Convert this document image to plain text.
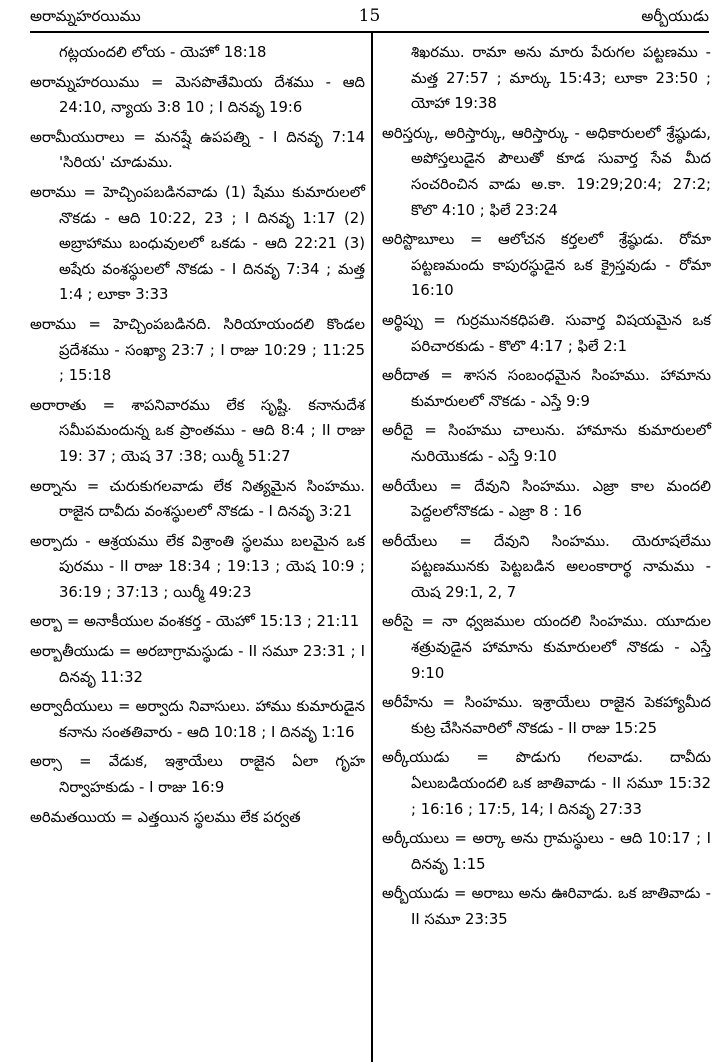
అరామ్నహరయిము	15	అర్బీయుడు

గట్లయందలి లోయ - యెహో 18:18

అరామ్నహరయిము = మెసపొతేమియ దేశము - ఆది 24:10, న్యాయ 3:8 10 ; I దినవృ 19:6

అరామీయురాలు = మనష్షే ఉపపత్ని - I దినవృ 7:14 'సిరియ' చూడుము.

అరాము = హెచ్చింపబడినవాడు (1) షేము కుమారులలో నొకడు - ఆది 10:22, 23 ; I దినవృ 1:17 (2) అబ్రాహాము బంధువులలో ఒకడు - ఆది 22:21 (3) అషేరు వంశస్థులలో నొకడు - I దినవృ 7:34 ; మత్త 1:4 ; లూకా 3:33

అరాము = హెచ్చింపబడినది. సిరియాయందలి కొండల ప్రదేశము - సంఖ్యా 23:7 ; I రాజు 10:29 ; 11:25 ; 15:18

అరారాతు = శాపనివారము లేక సృష్టి. కనానుదేశ సమీపమందున్న ఒక ప్రాంతము - ఆది 8:4 ; II రాజు 19: 37 ; యెష 37 :38; యిర్మీ 51:27

అర్నాను = చురుకుగలవాడు లేక నిత్యమైన సింహము. రాజైన దావీదు వంశస్థులలో నొకడు - I దినవృ 3:21

అర్పాదు - ఆశ్రయము లేక విశ్రాంతి స్థలము బలమైన ఒక పురము - II రాజు 18:34 ; 19:13 ; యెష 10:9 ; 36:19 ; 37:13 ; యిర్మీ 49:23

అర్బా = అనాకీయుల వంశకర్త - యెహో 15:13 ; 21:11

అర్బాతీయుడు = అరబాగ్రామస్థుడు - II సమూ 23:31 ; I దినవృ 11:32

అర్వాదీయులు = అర్వాదు నివాసులు. హాము కుమారుడైన కనాను సంతతివారు - ఆది 10:18 ; I దినవృ 1:16

అర్సా = వేడుక, ఇశ్రాయేలు రాజైన ఏలా గృహ నిర్వాహకుడు - I రాజు 16:9

అరిమతయియ = ఎత్తయిన స్థలము లేక పర్వత

శిఖరము. రామా అను మారు పేరుగల పట్టణము - మత్త 27:57 ; మార్కు 15:43; లూకా 23:50 ; యోహా 19:38

అరిస్తర్కు, అరిస్తార్కు, ఆరిస్తార్కు - అధికారులలో శ్రేష్ఠుడు, అపోస్తలుడైన పౌలుతో కూడ సువార్త సేవ మీద సంచరించిన వాడు అ.కా. 19:29;20:4; 27:2; కొలొ 4:10 ; ఫిలే 23:24

అరిస్టొబూలు = ఆలోచన కర్తలలో శ్రేష్ఠుడు. రోమా పట్టణమందు కాపురస్థుడైన ఒక క్రైస్తవుడు - రోమా 16:10

అర్థిప్పు = గుర్రమునకధిపతి. సువార్త విషయమైన ఒక పరిచారకుడు - కొలొ 4:17 ; ఫిలే 2:1

అరీదాత = శాసన సంబంధమైన సింహము. హామాను కుమారులలో నొకడు - ఎస్తే 9:9

అరీదై = సింహము చాలును. హామాను కుమారులలో నురియొకడు - ఎస్తే 9:10

అరీయేలు = దేవుని సింహము. ఎజ్రా కాల మందలి పెద్దలలోనొకడు - ఎజ్రా 8 : 16

అరీయేలు = దేవుని సింహము. యెరూషలేము పట్టణమునకు పెట్టబడిన అలంకారార్థ నామము - యెష 29:1, 2, 7

అరీసై = నా ధ్వజముల యందలి సింహము. యూదుల శత్రువుడైన హామాను కుమారులలో నొకడు - ఎస్తే 9:10

అరీహేను = సింహము. ఇశ్రాయేలు రాజైన పెకహ్యామీద కుట్ర చేసినవారిలో నొకడు - II రాజు 15:25

అర్కీయుడు = పొడుగు గలవాడు. దావీదు ఏలుబడియందలి ఒక జాతివాడు - II సమూ 15:32 ; 16:16 ; 17:5, 14; I దినవృ 27:33

అర్కీయులు = అర్కా అను గ్రామస్థులు - ఆది 10:17 ; I దినవృ 1:15

అర్బీయుడు = అరాబు అను ఊరివాడు. ఒక జాతివాడు - II సమూ 23:35
